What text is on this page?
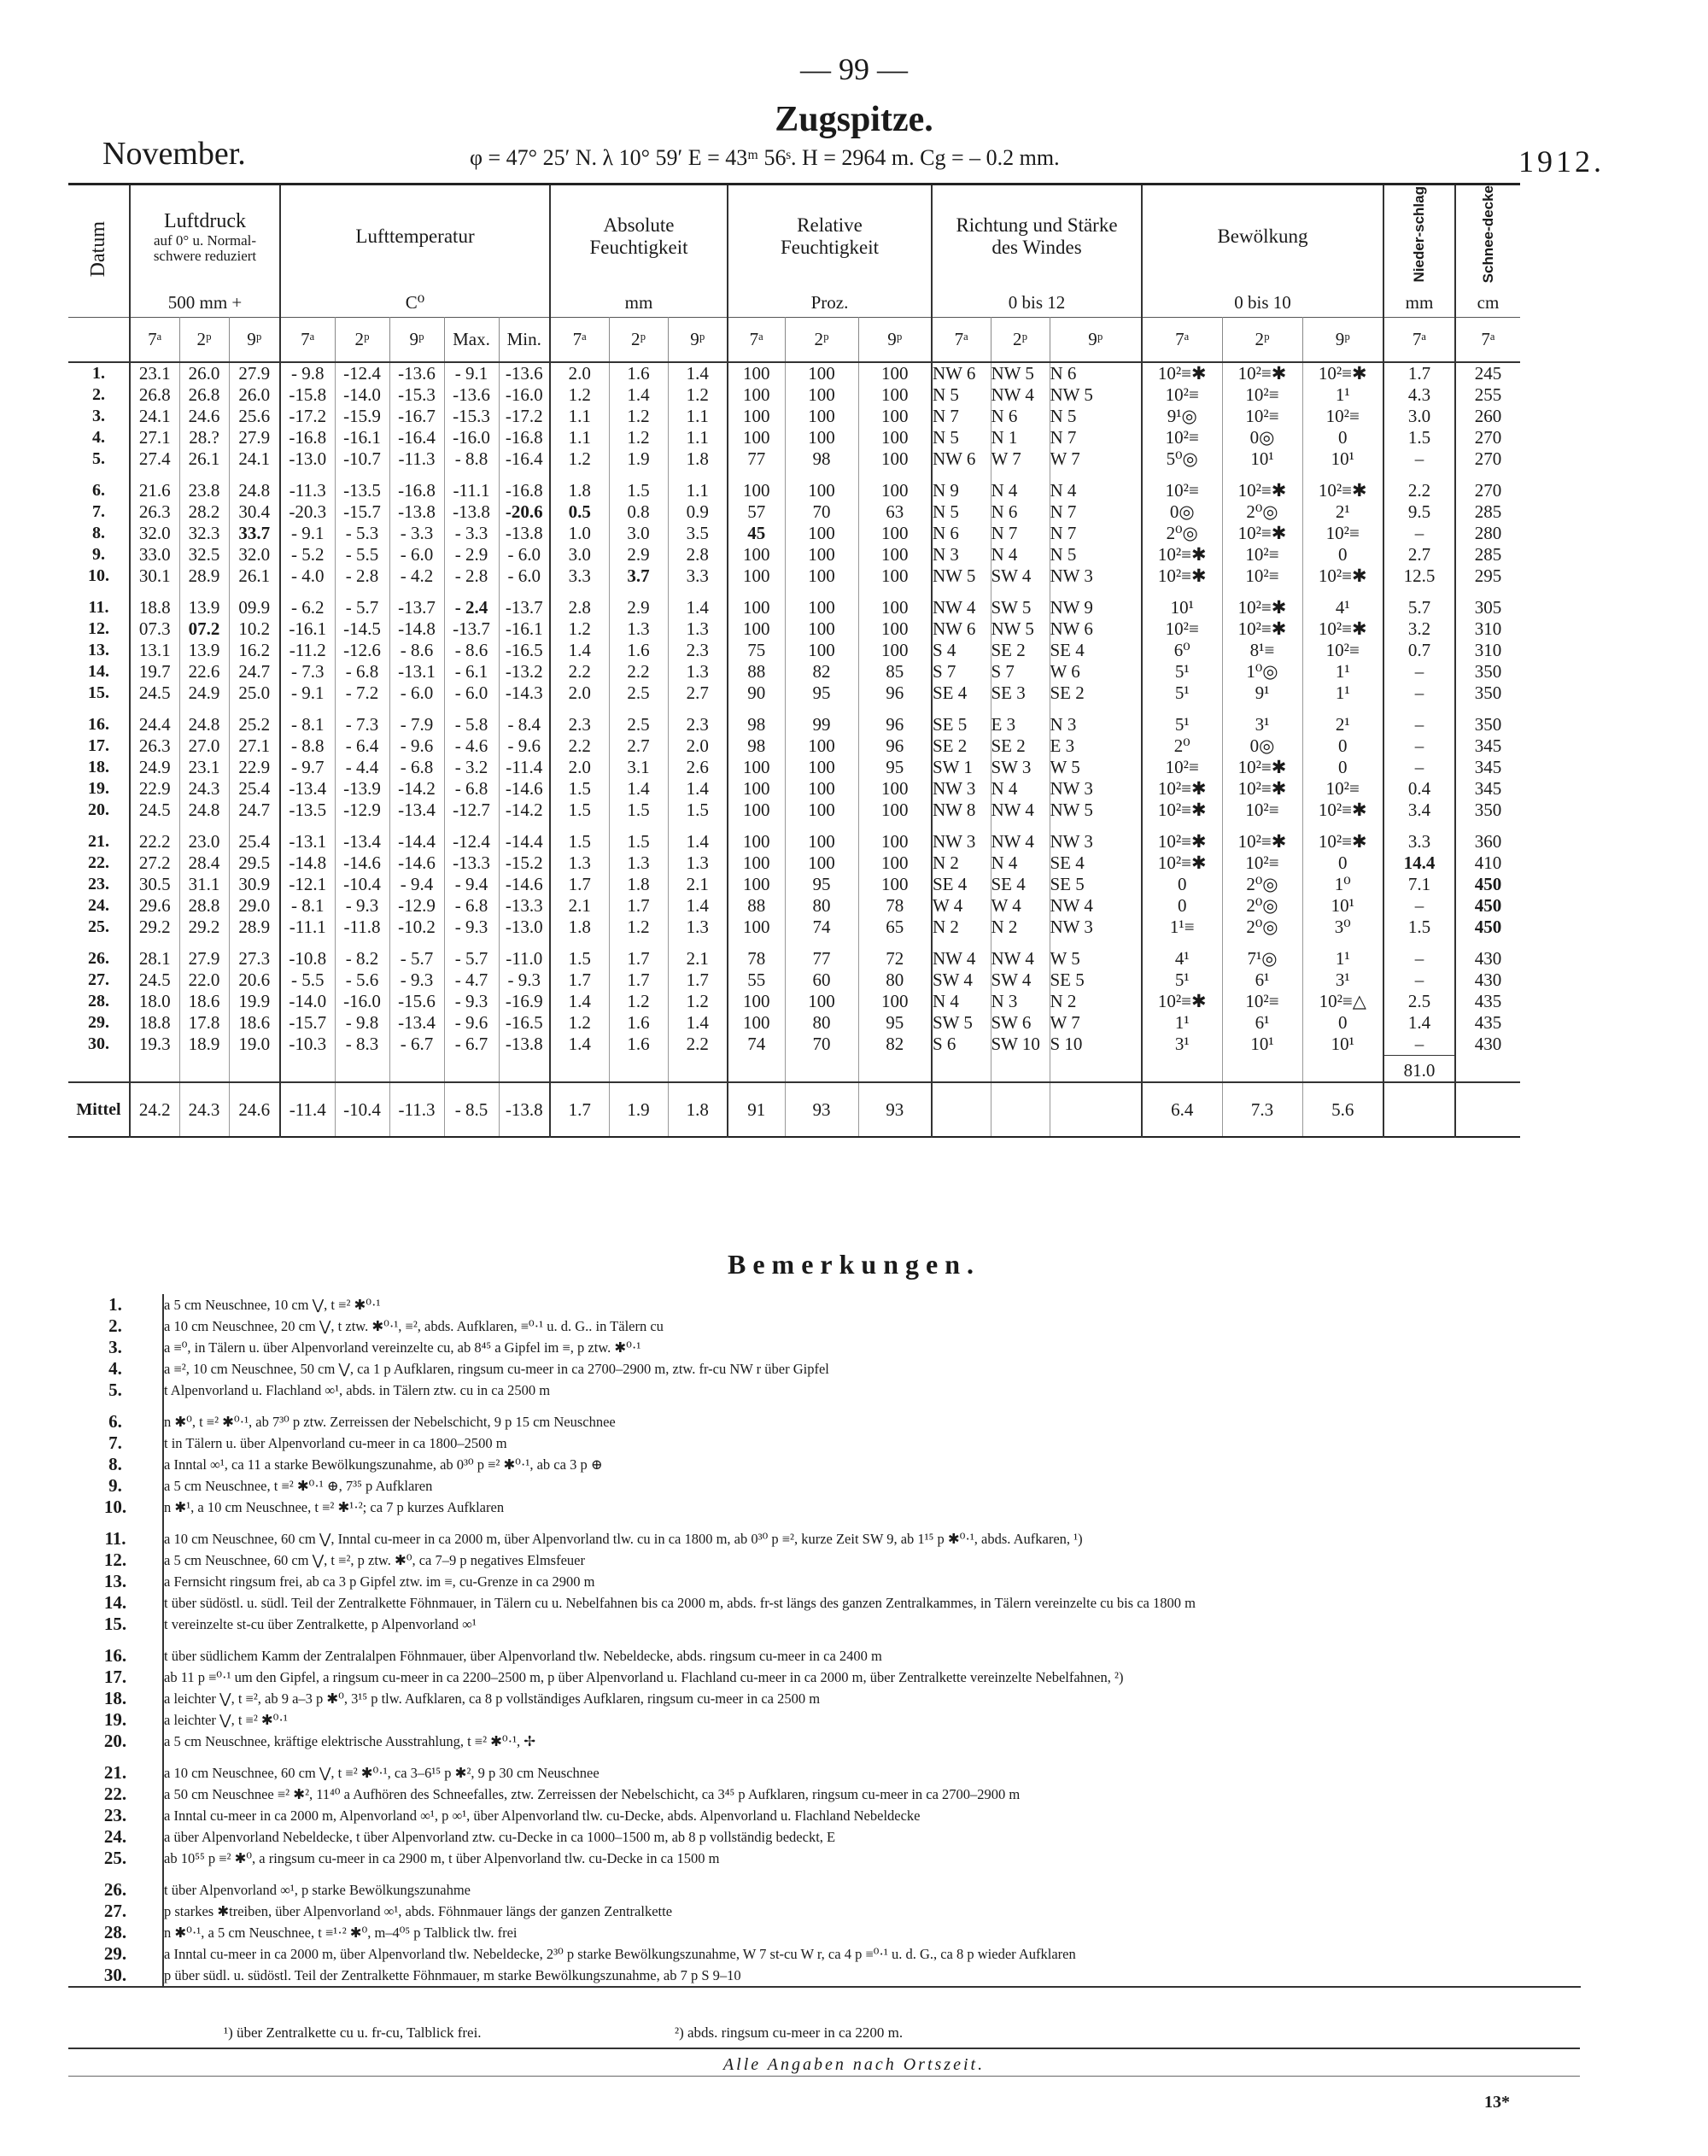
— 99 —
Zugspitze.
November.	φ = 47° 25′ N. λ 10° 59′ E = 43ᵐ 56ˢ. H = 2964 m. Cg = – 0.2 mm.	1912.
Datum	Luftdruck
auf 0° u. Normal-schwere reduziert			Lufttemperatur					Absolute Feuchtigkeit			Relative Feuchtigkeit			Richtung und Stärke des Windes			Bewölkung			Nieder-schlag	Schnee-decke
	500 mm +			C⁰					mm			Proz.			0 bis 12			0 bis 10			mm	cm
	7ᵃ	2ᵖ	9ᵖ	7ᵃ	2ᵖ	9ᵖ	Max.	Min.	7ᵃ	2ᵖ	9ᵖ	7ᵃ	2ᵖ	9ᵖ	7ᵃ	2ᵖ	9ᵖ	7ᵃ	2ᵖ	9ᵖ	7ᵃ	7ᵃ
1.	23.1	26.0	27.9	- 9.8	-12.4	-13.6	- 9.1	-13.6	2.0	1.6	1.4	100	100	100	NW 6	NW 5	N 6	10²≡✱	10²≡✱	10²≡✱	1.7	245
2.	26.8	26.8	26.0	-15.8	-14.0	-15.3	-13.6	-16.0	1.2	1.4	1.2	100	100	100	N 5	NW 4	NW 5	10²≡	10²≡	1¹	4.3	255
3.	24.1	24.6	25.6	-17.2	-15.9	-16.7	-15.3	-17.2	1.1	1.2	1.1	100	100	100	N 7	N 6	N 5	9¹◎	10²≡	10²≡	3.0	260
4.	27.1	28.?	27.9	-16.8	-16.1	-16.4	-16.0	-16.8	1.1	1.2	1.1	100	100	100	N 5	N 1	N 7	10²≡	0◎	0	1.5	270
5.	27.4	26.1	24.1	-13.0	-10.7	-11.3	- 8.8	-16.4	1.2	1.9	1.8	77	98	100	NW 6	W 7	W 7	5⁰◎	10¹	10¹	–	270

6.	21.6	23.8	24.8	-11.3	-13.5	-16.8	-11.1	-16.8	1.8	1.5	1.1	100	100	100	N 9	N 4	N 4	10²≡	10²≡✱	10²≡✱	2.2	270
7.	26.3	28.2	30.4	-20.3	-15.7	-13.8	-13.8	-20.6	0.5	0.8	0.9	57	70	63	N 5	N 6	N 7	0◎	2⁰◎	2¹	9.5	285
8.	32.0	32.3	33.7	- 9.1	- 5.3	- 3.3	- 3.3	-13.8	1.0	3.0	3.5	45	100	100	N 6	N 7	N 7	2⁰◎	10²≡✱	10²≡	–	280
9.	33.0	32.5	32.0	- 5.2	- 5.5	- 6.0	- 2.9	- 6.0	3.0	2.9	2.8	100	100	100	N 3	N 4	N 5	10²≡✱	10²≡	0	2.7	285
10.	30.1	28.9	26.1	- 4.0	- 2.8	- 4.2	- 2.8	- 6.0	3.3	3.7	3.3	100	100	100	NW 5	SW 4	NW 3	10²≡✱	10²≡	10²≡✱	12.5	295

11.	18.8	13.9	09.9	- 6.2	- 5.7	-13.7	- 2.4	-13.7	2.8	2.9	1.4	100	100	100	NW 4	SW 5	NW 9	10¹	10²≡✱	4¹	5.7	305
12.	07.3	07.2	10.2	-16.1	-14.5	-14.8	-13.7	-16.1	1.2	1.3	1.3	100	100	100	NW 6	NW 5	NW 6	10²≡	10²≡✱	10²≡✱	3.2	310
13.	13.1	13.9	16.2	-11.2	-12.6	- 8.6	- 8.6	-16.5	1.4	1.6	2.3	75	100	100	S 4	SE 2	SE 4	6⁰	8¹≡	10²≡	0.7	310
14.	19.7	22.6	24.7	- 7.3	- 6.8	-13.1	- 6.1	-13.2	2.2	2.2	1.3	88	82	85	S 7	S 7	W 6	5¹	1⁰◎	1¹	–	350
15.	24.5	24.9	25.0	- 9.1	- 7.2	- 6.0	- 6.0	-14.3	2.0	2.5	2.7	90	95	96	SE 4	SE 3	SE 2	5¹	9¹	1¹	–	350

16.	24.4	24.8	25.2	- 8.1	- 7.3	- 7.9	- 5.8	- 8.4	2.3	2.5	2.3	98	99	96	SE 5	E 3	N 3	5¹	3¹	2¹	–	350
17.	26.3	27.0	27.1	- 8.8	- 6.4	- 9.6	- 4.6	- 9.6	2.2	2.7	2.0	98	100	96	SE 2	SE 2	E 3	2⁰	0◎	0	–	345
18.	24.9	23.1	22.9	- 9.7	- 4.4	- 6.8	- 3.2	-11.4	2.0	3.1	2.6	100	100	95	SW 1	SW 3	W 5	10²≡	10²≡✱	0	–	345
19.	22.9	24.3	25.4	-13.4	-13.9	-14.2	- 6.8	-14.6	1.5	1.4	1.4	100	100	100	NW 3	N 4	NW 3	10²≡✱	10²≡✱	10²≡	0.4	345
20.	24.5	24.8	24.7	-13.5	-12.9	-13.4	-12.7	-14.2	1.5	1.5	1.5	100	100	100	NW 8	NW 4	NW 5	10²≡✱	10²≡	10²≡✱	3.4	350

21.	22.2	23.0	25.4	-13.1	-13.4	-14.4	-12.4	-14.4	1.5	1.5	1.4	100	100	100	NW 3	NW 4	NW 3	10²≡✱	10²≡✱	10²≡✱	3.3	360
22.	27.2	28.4	29.5	-14.8	-14.6	-14.6	-13.3	-15.2	1.3	1.3	1.3	100	100	100	N 2	N 4	SE 4	10²≡✱	10²≡	0	14.4	410
23.	30.5	31.1	30.9	-12.1	-10.4	- 9.4	- 9.4	-14.6	1.7	1.8	2.1	100	95	100	SE 4	SE 4	SE 5	0	2⁰◎	1⁰	7.1	450
24.	29.6	28.8	29.0	- 8.1	- 9.3	-12.9	- 6.8	-13.3	2.1	1.7	1.4	88	80	78	W 4	W 4	NW 4	0	2⁰◎	10¹	–	450
25.	29.2	29.2	28.9	-11.1	-11.8	-10.2	- 9.3	-13.0	1.8	1.2	1.3	100	74	65	N 2	N 2	NW 3	1¹≡	2⁰◎	3⁰	1.5	450

26.	28.1	27.9	27.3	-10.8	- 8.2	- 5.7	- 5.7	-11.0	1.5	1.7	2.1	78	77	72	NW 4	NW 4	W 5	4¹	7¹◎	1¹	–	430
27.	24.5	22.0	20.6	- 5.5	- 5.6	- 9.3	- 4.7	- 9.3	1.7	1.7	1.7	55	60	80	SW 4	SW 4	SE 5	5¹	6¹	3¹	–	430
28.	18.0	18.6	19.9	-14.0	-16.0	-15.6	- 9.3	-16.9	1.4	1.2	1.2	100	100	100	N 4	N 3	N 2	10²≡✱	10²≡	10²≡△	2.5	435
29.	18.8	17.8	18.6	-15.7	- 9.8	-13.4	- 9.6	-16.5	1.2	1.6	1.4	100	80	95	SW 5	SW 6	W 7	1¹	6¹	0	1.4	435
30.	19.3	18.9	19.0	-10.3	- 8.3	- 6.7	- 6.7	-13.8	1.4	1.6	2.2	74	70	82	S 6	SW 10	S 10	3¹	10¹	10¹	–	430
																					81.0	
Mittel	24.2	24.3	24.6	-11.4	-10.4	-11.3	- 8.5	-13.8	1.7	1.9	1.8	91	93	93				6.4	7.3	5.6		
Bemerkungen.
1.	a 5 cm Neuschnee, 10 cm ⋁, t ≡² ✱⁰·¹
2.	a 10 cm Neuschnee, 20 cm ⋁, t ztw. ✱⁰·¹, ≡², abds. Aufklaren, ≡⁰·¹ u. d. G.. in Tälern cu
3.	a ≡⁰, in Tälern u. über Alpenvorland vereinzelte cu, ab 8⁴⁵ a Gipfel im ≡, p ztw. ✱⁰·¹
4.	a ≡², 10 cm Neuschnee, 50 cm ⋁, ca 1 p Aufklaren, ringsum cu-meer in ca 2700–2900 m, ztw. fr-cu NW r über Gipfel
5.	t Alpenvorland u. Flachland ∞¹, abds. in Tälern ztw. cu in ca 2500 m

6.	n ✱⁰, t ≡² ✱⁰·¹, ab 7³⁰ p ztw. Zerreissen der Nebelschicht, 9 p 15 cm Neuschnee
7.	t in Tälern u. über Alpenvorland cu-meer in ca 1800–2500 m
8.	a Inntal ∞¹, ca 11 a starke Bewölkungszunahme, ab 0³⁰ p ≡² ✱⁰·¹, ab ca 3 p ⊕
9.	a 5 cm Neuschnee, t ≡² ✱⁰·¹ ⊕, 7³⁵ p Aufklaren
10.	n ✱¹, a 10 cm Neuschnee, t ≡² ✱¹·²; ca 7 p kurzes Aufklaren

11.	a 10 cm Neuschnee, 60 cm ⋁, Inntal cu-meer in ca 2000 m, über Alpenvorland tlw. cu in ca 1800 m, ab 0³⁰ p ≡², kurze Zeit SW 9, ab 1¹⁵ p ✱⁰·¹, abds. Aufkaren, ¹)
12.	a 5 cm Neuschnee, 60 cm ⋁, t ≡², p ztw. ✱⁰, ca 7–9 p negatives Elmsfeuer
13.	a Fernsicht ringsum frei, ab ca 3 p Gipfel ztw. im ≡, cu-Grenze in ca 2900 m
14.	t über südöstl. u. südl. Teil der Zentralkette Föhnmauer, in Tälern cu u. Nebelfahnen bis ca 2000 m, abds. fr-st längs des ganzen Zentralkammes, in Tälern vereinzelte cu bis ca 1800 m
15.	t vereinzelte st-cu über Zentralkette, p Alpenvorland ∞¹

16.	t über südlichem Kamm der Zentralalpen Föhnmauer, über Alpenvorland tlw. Nebeldecke, abds. ringsum cu-meer in ca 2400 m
17.	ab 11 p ≡⁰·¹ um den Gipfel, a ringsum cu-meer in ca 2200–2500 m, p über Alpenvorland u. Flachland cu-meer in ca 2000 m, über Zentralkette vereinzelte Nebelfahnen, ²)
18.	a leichter ⋁, t ≡², ab 9 a–3 p ✱⁰, 3¹⁵ p tlw. Aufklaren, ca 8 p vollständiges Aufklaren, ringsum cu-meer in ca 2500 m
19.	a leichter ⋁, t ≡² ✱⁰·¹
20.	a 5 cm Neuschnee, kräftige elektrische Ausstrahlung, t ≡² ✱⁰·¹, ✢

21.	a 10 cm Neuschnee, 60 cm ⋁, t ≡² ✱⁰·¹, ca 3–6¹⁵ p ✱², 9 p 30 cm Neuschnee
22.	a 50 cm Neuschnee ≡² ✱², 11⁴⁰ a Aufhören des Schneefalles, ztw. Zerreissen der Nebelschicht, ca 3⁴⁵ p Aufklaren, ringsum cu-meer in ca 2700–2900 m
23.	a Inntal cu-meer in ca 2000 m, Alpenvorland ∞¹, p ∞¹, über Alpenvorland tlw. cu-Decke, abds. Alpenvorland u. Flachland Nebeldecke
24.	a über Alpenvorland Nebeldecke, t über Alpenvorland ztw. cu-Decke in ca 1000–1500 m, ab 8 p vollständig bedeckt, E
25.	ab 10⁵⁵ p ≡² ✱⁰, a ringsum cu-meer in ca 2900 m, t über Alpenvorland tlw. cu-Decke in ca 1500 m

26.	t über Alpenvorland ∞¹, p starke Bewölkungszunahme
27.	p starkes ✱treiben, über Alpenvorland ∞¹, abds. Föhnmauer längs der ganzen Zentralkette
28.	n ✱⁰·¹, a 5 cm Neuschnee, t ≡¹·² ✱⁰, m–4⁰⁵ p Talblick tlw. frei
29.	a Inntal cu-meer in ca 2000 m, über Alpenvorland tlw. Nebeldecke, 2³⁰ p starke Bewölkungszunahme, W 7 st-cu W r, ca 4 p ≡⁰·¹ u. d. G., ca 8 p wieder Aufklaren
30.	p über südl. u. südöstl. Teil der Zentralkette Föhnmauer, m starke Bewölkungszunahme, ab 7 p S 9–10
¹) über Zentralkette cu u. fr-cu, Talblick frei.	²) abds. ringsum cu-meer in ca 2200 m.
Alle Angaben nach Ortszeit.
13*
